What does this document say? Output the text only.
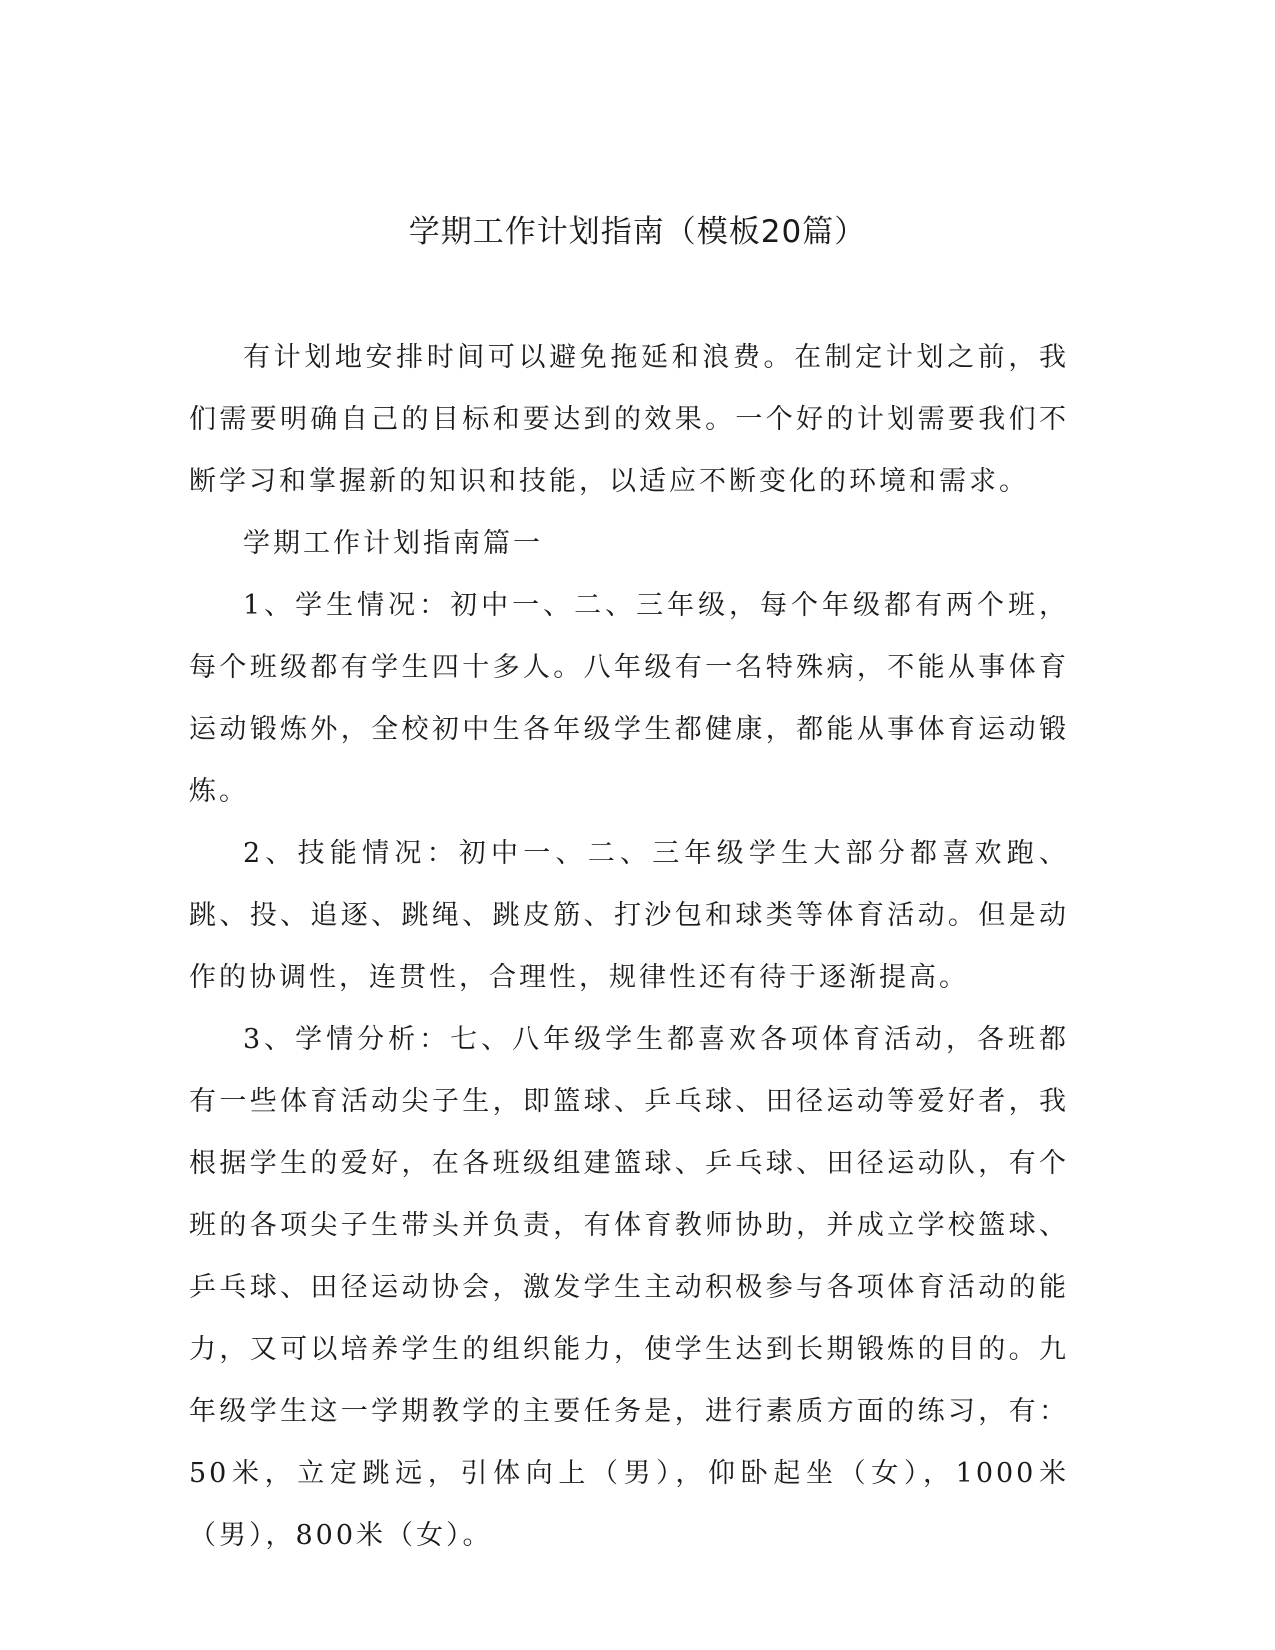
学期工作计划指南（模板20篇）

有计划地安排时间可以避免拖延和浪费。在制定计划之前，我们需要明确自己的目标和要达到的效果。一个好的计划需要我们不断学习和掌握新的知识和技能，以适应不断变化的环境和需求。

学期工作计划指南篇一

1、学生情况：初中一、二、三年级，每个年级都有两个班，每个班级都有学生四十多人。八年级有一名特殊病，不能从事体育运动锻炼外，全校初中生各年级学生都健康，都能从事体育运动锻炼。

2、技能情况：初中一、二、三年级学生大部分都喜欢跑、跳、投、追逐、跳绳、跳皮筋、打沙包和球类等体育活动。但是动作的协调性，连贯性，合理性，规律性还有待于逐渐提高。

3、学情分析：七、八年级学生都喜欢各项体育活动，各班都有一些体育活动尖子生，即篮球、乒乓球、田径运动等爱好者，我根据学生的爱好，在各班级组建篮球、乒乓球、田径运动队，有个班的各项尖子生带头并负责，有体育教师协助，并成立学校篮球、乒乓球、田径运动协会，激发学生主动积极参与各项体育活动的能力，又可以培养学生的组织能力，使学生达到长期锻炼的目的。九年级学生这一学期教学的主要任务是，进行素质方面的练习，有：50米，立定跳远，引体向上（男），仰卧起坐（女），1000米（男），800米（女）。
